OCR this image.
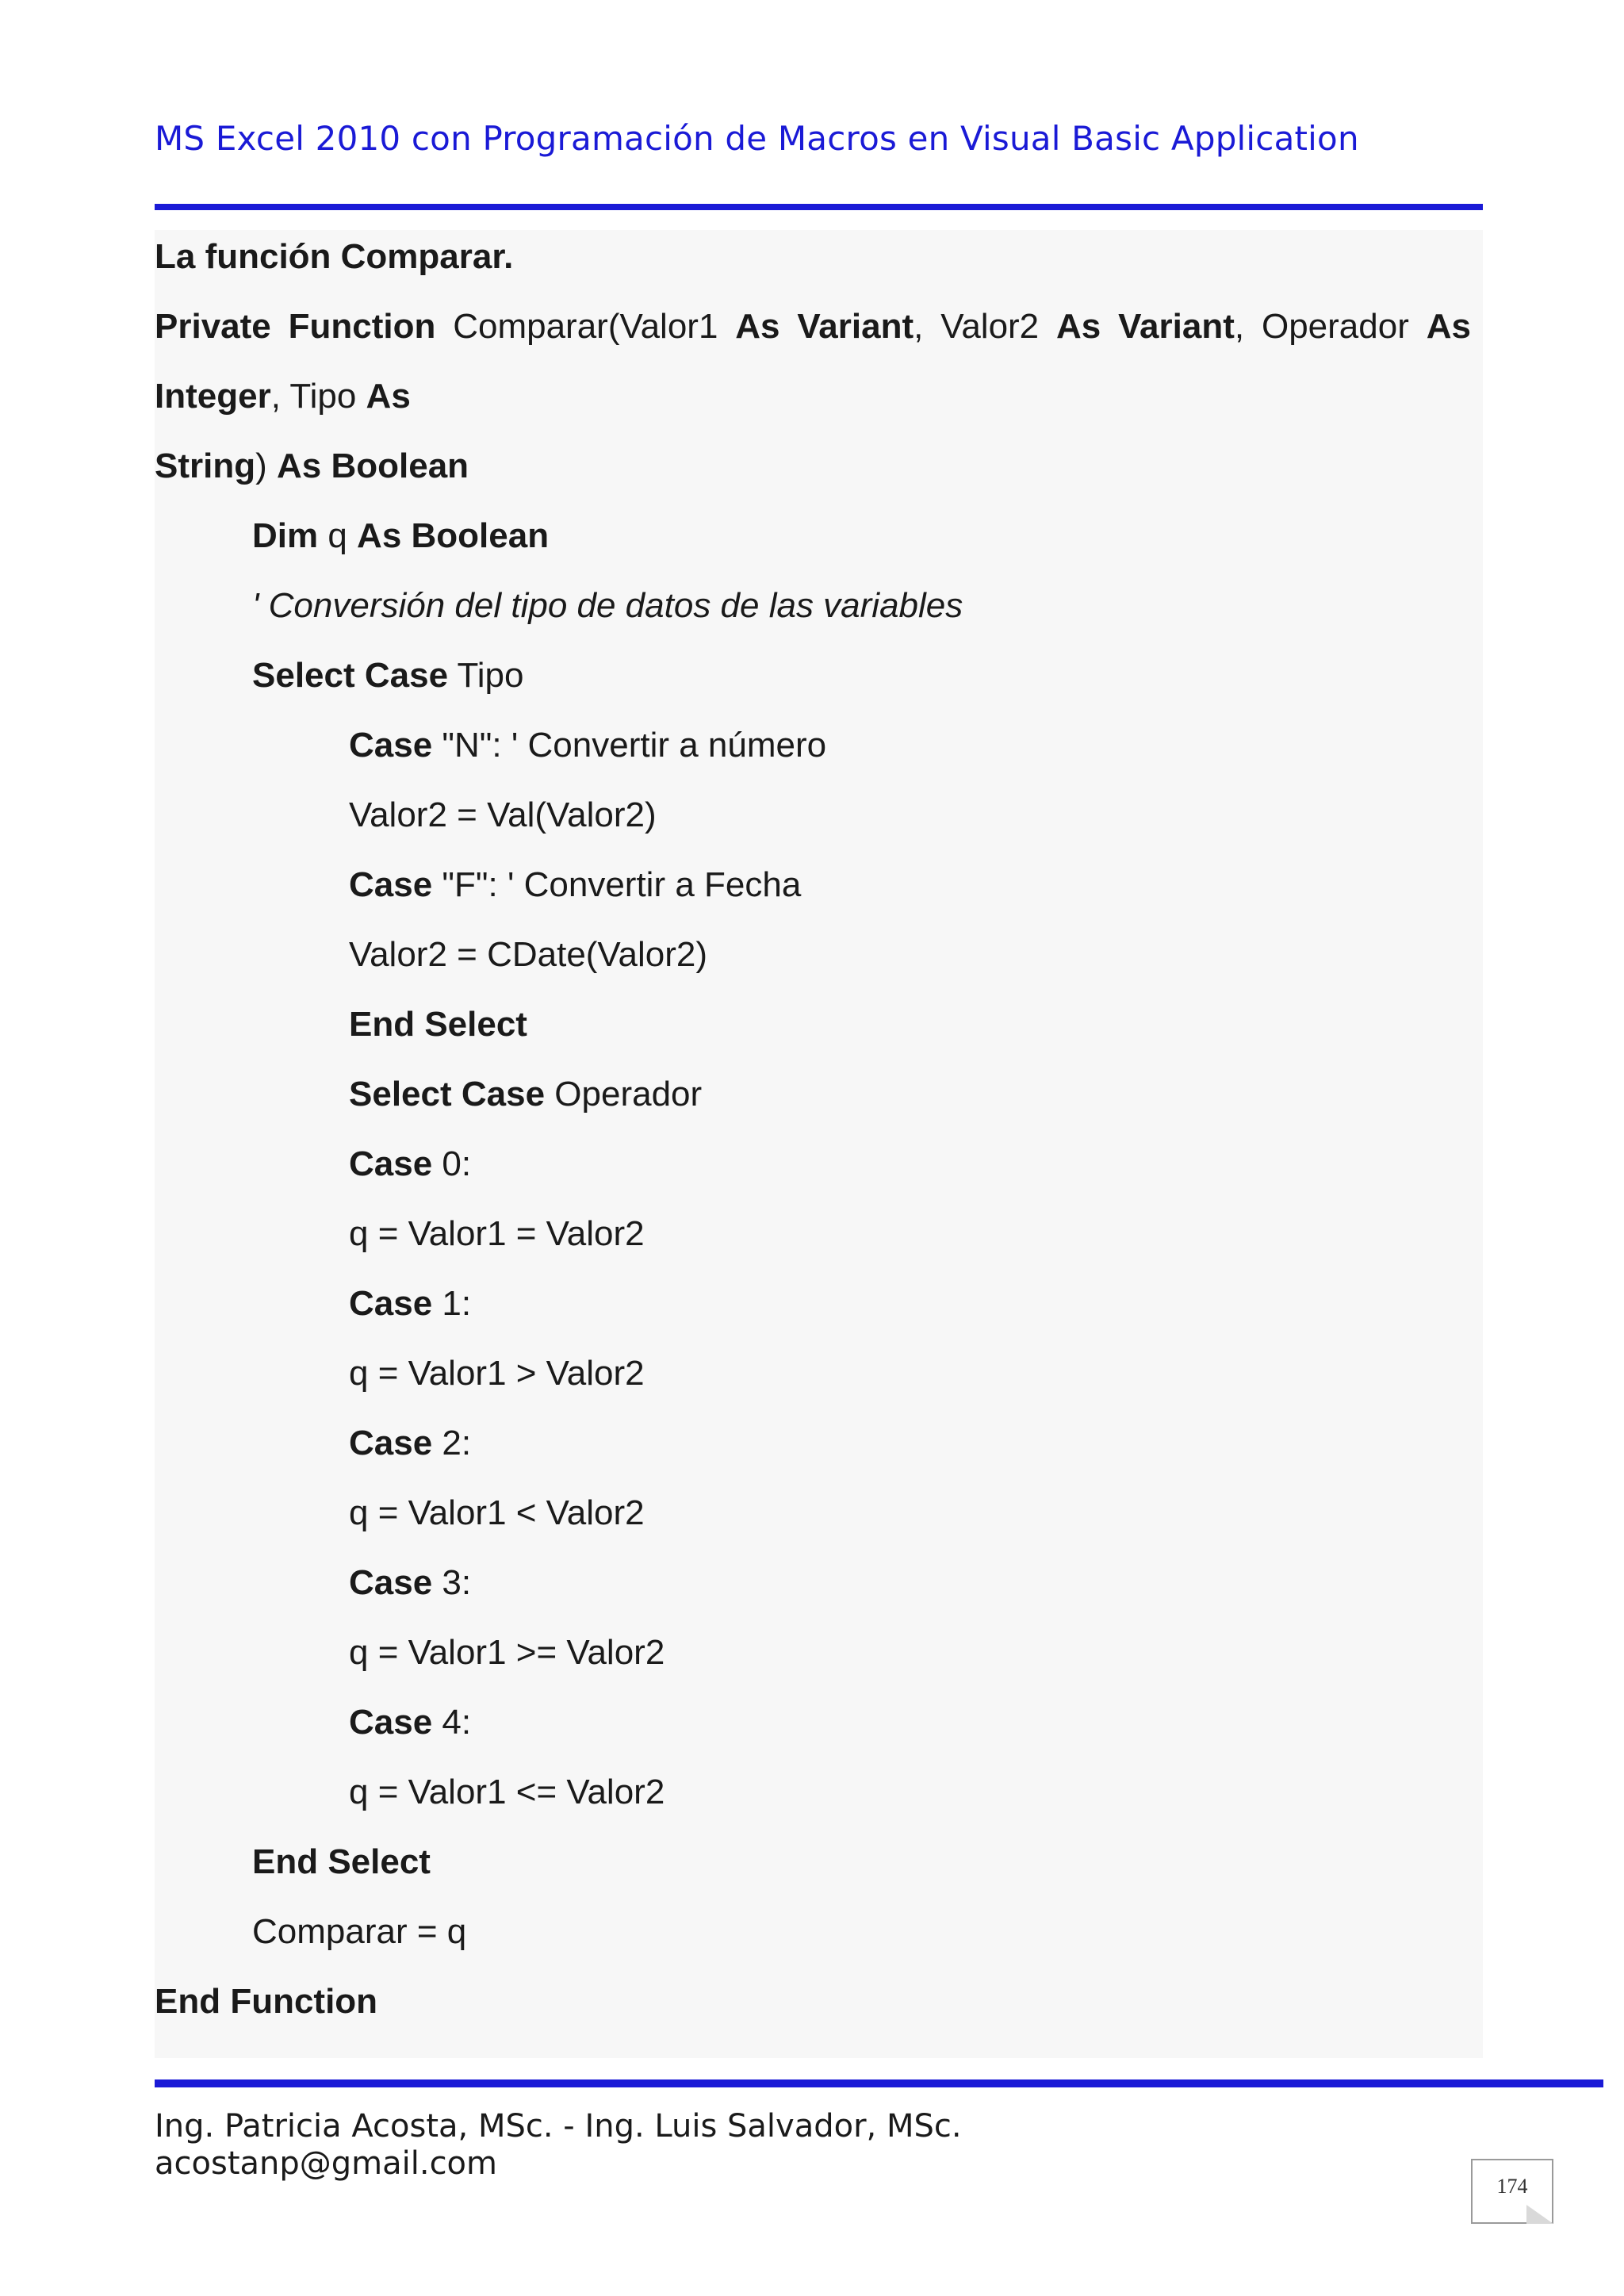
MS Excel 2010 con Programación de Macros en Visual Basic Application
La función Comparar.
Private Function Comparar(Valor1 As Variant, Valor2 As Variant, Operador As
Integer, Tipo As
String) As Boolean
Dim q As Boolean
' Conversión del tipo de datos de las variables
Select Case Tipo
Case "N": ' Convertir a número
Valor2 = Val(Valor2)
Case "F": ' Convertir a Fecha
Valor2 = CDate(Valor2)
End Select
Select Case Operador
Case 0:
q = Valor1 = Valor2
Case 1:
q = Valor1 > Valor2
Case 2:
q = Valor1 < Valor2
Case 3:
q = Valor1 >= Valor2
Case 4:
q = Valor1 <= Valor2
End Select
Comparar = q
End Function
Ing. Patricia Acosta, MSc. - Ing. Luis Salvador, MSc.
acostanp@gmail.com
174
